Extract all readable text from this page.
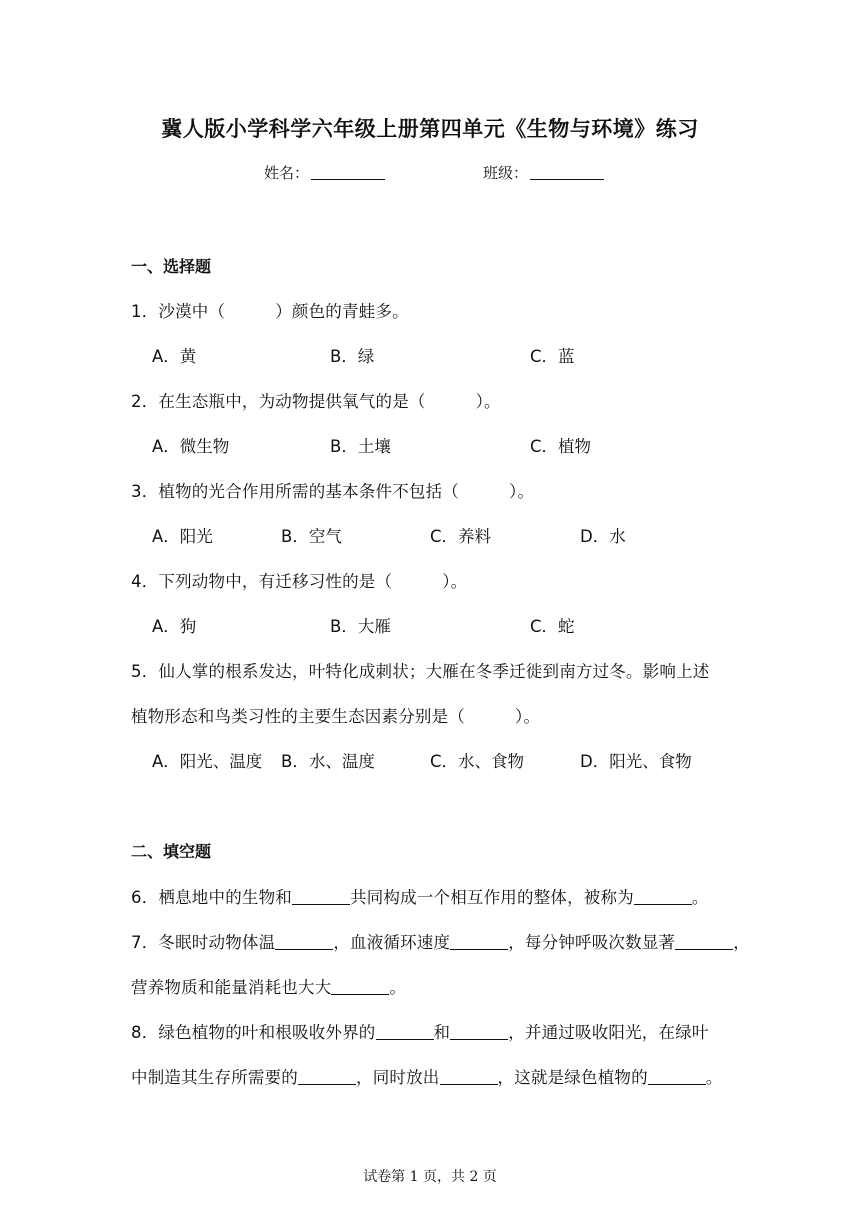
冀人版小学科学六年级上册第四单元《生物与环境》练习
姓名：	班级：
一、选择题
1．沙漠中（	）颜色的青蛙多。
A．黄	B．绿	C．蓝
2．在生态瓶中，为动物提供氧气的是（	）。
A．微生物	B．土壤	C．植物
3．植物的光合作用所需的基本条件不包括（	）。
A．阳光	B．空气	C．养料	D．水
4．下列动物中，有迁移习性的是（	）。
A．狗	B．大雁	C．蛇
5．仙人掌的根系发达，叶特化成刺状；大雁在冬季迁徙到南方过冬。影响上述
植物形态和鸟类习性的主要生态因素分别是（	）。
A．阳光、温度 B．水、温度	C．水、食物	D．阳光、食物
二、填空题
6．栖息地中的生物和	共同构成一个相互作用的整体，被称为	。
7．冬眠时动物体温	，血液循环速度	，每分钟呼吸次数显著	，
营养物质和能量消耗也大大	。
8．绿色植物的叶和根吸收外界的	和	，并通过吸收阳光，在绿叶
中制造其生存所需要的	，同时放出	，这就是绿色植物的	。
试卷第 1 页，共 2 页
